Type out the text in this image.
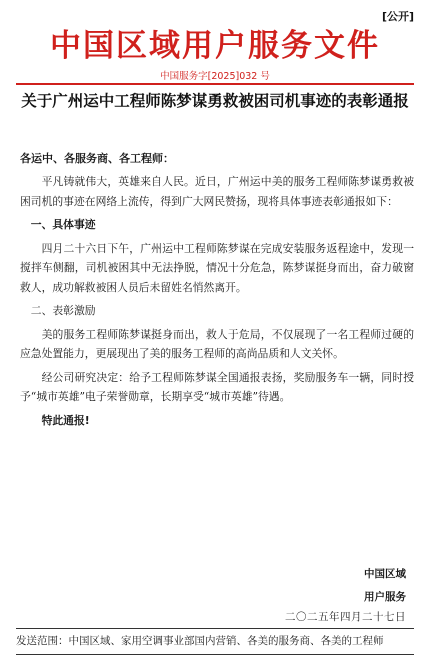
[公开]
中国区域用户服务文件
中国服务字[2025]032 号
关于广州运中工程师陈梦谋勇救被困司机事迹的表彰通报
各运中、各服务商、各工程师：

平凡铸就伟大，英雄来自人民。近日，广州运中美的服务工程师陈梦谋勇救被困司机的事迹在网络上流传，得到广大网民赞扬，现将具体事迹表彰通报如下：

一、具体事迹

四月二十六日下午，广州运中工程师陈梦谋在完成安装服务返程途中，发现一搅拌车侧翻，司机被困其中无法挣脱，情况十分危急，陈梦谋挺身而出，奋力破窗救人，成功解救被困人员后未留姓名悄然离开。

二、表彰激励

美的服务工程师陈梦谋挺身而出，救人于危局，不仅展现了一名工程师过硬的应急处置能力，更展现出了美的服务工程师的高尚品质和人文关怀。

经公司研究决定：给予工程师陈梦谋全国通报表扬，奖励服务车一辆，同时授予“城市英雄”电子荣誉勋章，长期享受“城市英雄”待遇。

特此通报!

中国区域
用户服务
二〇二五年四月二十七日
发送范围：中国区域、家用空调事业部国内营销、各美的服务商、各美的工程师
